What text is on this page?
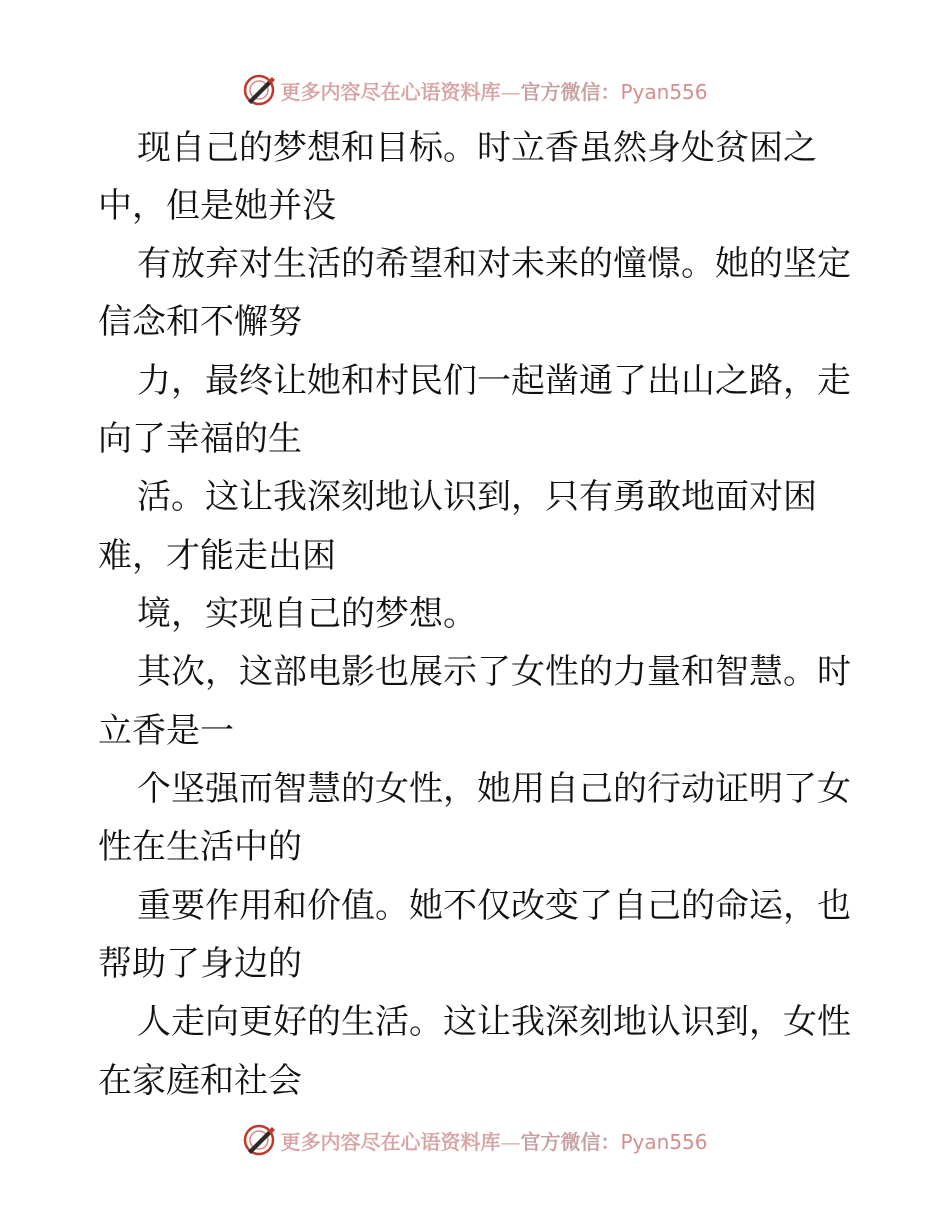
更多内容尽在心语资料库—官方微信：Pyan556
现自己的梦想和目标。时立香虽然身处贫困之
中，但是她并没
有放弃对生活的希望和对未来的憧憬。她的坚定
信念和不懈努
力，最终让她和村民们一起凿通了出山之路，走
向了幸福的生
活。这让我深刻地认识到，只有勇敢地面对困
难，才能走出困
境，实现自己的梦想。
其次，这部电影也展示了女性的力量和智慧。时
立香是一
个坚强而智慧的女性，她用自己的行动证明了女
性在生活中的
重要作用和价值。她不仅改变了自己的命运，也
帮助了身边的
人走向更好的生活。这让我深刻地认识到，女性
在家庭和社会
更多内容尽在心语资料库—官方微信：Pyan556
